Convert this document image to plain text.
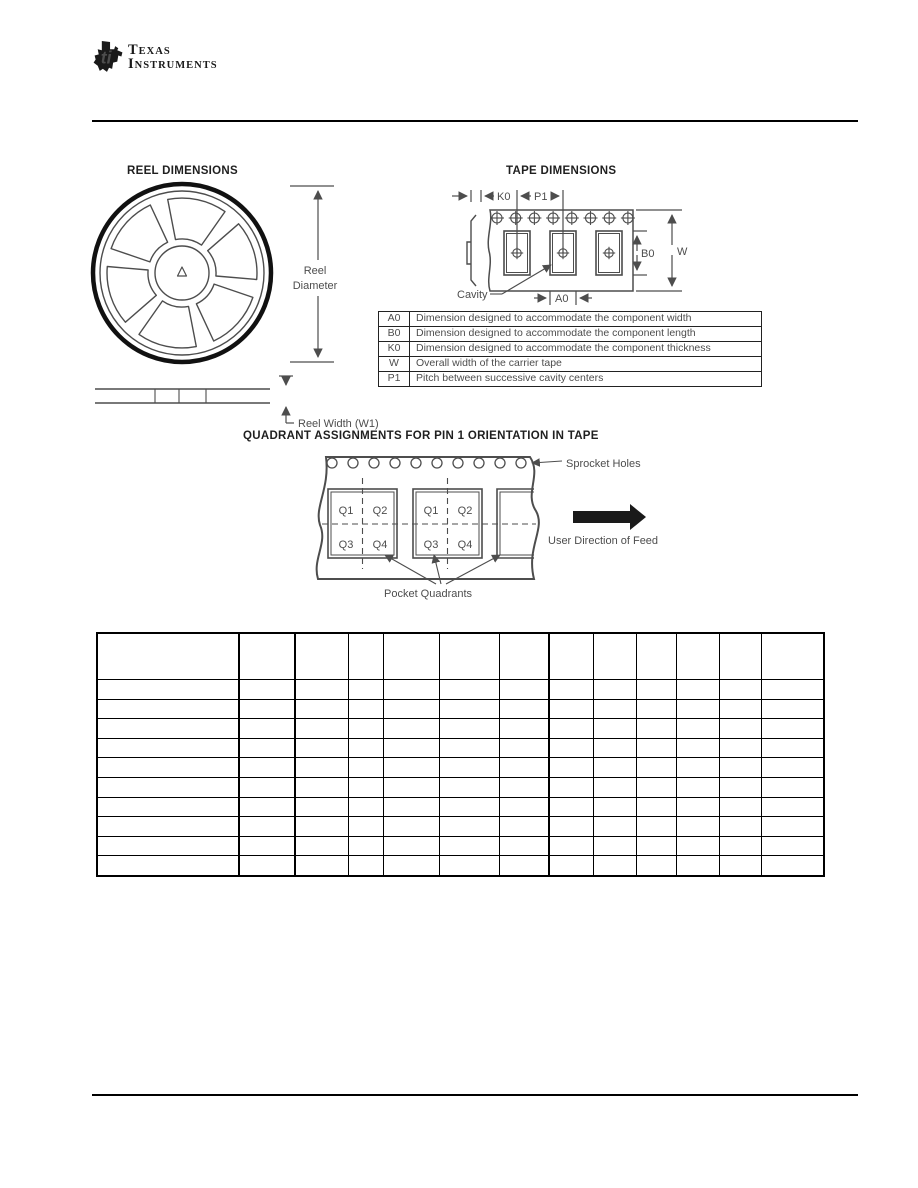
ti TEXAS
INSTRUMENTS
REEL DIMENSIONS	TAPE DIMENSIONS
QUADRANT ASSIGNMENTS FOR PIN 1 ORIENTATION IN TAPE
Reel
Diameter
Reel Width (W1)
K0 P1
B0 W
Cavity	A0
A0	Dimension designed to accommodate the component width
B0	Dimension designed to accommodate the component length
K0	Dimension designed to accommodate the component thickness
W	Overall width of the carrier tape
P1	Pitch between successive cavity centers
Q1 Q2
Q3 Q4
Q1 Q2
Q3 Q4
Sprocket Holes
User Direction of Feed
Pocket Quadrants
